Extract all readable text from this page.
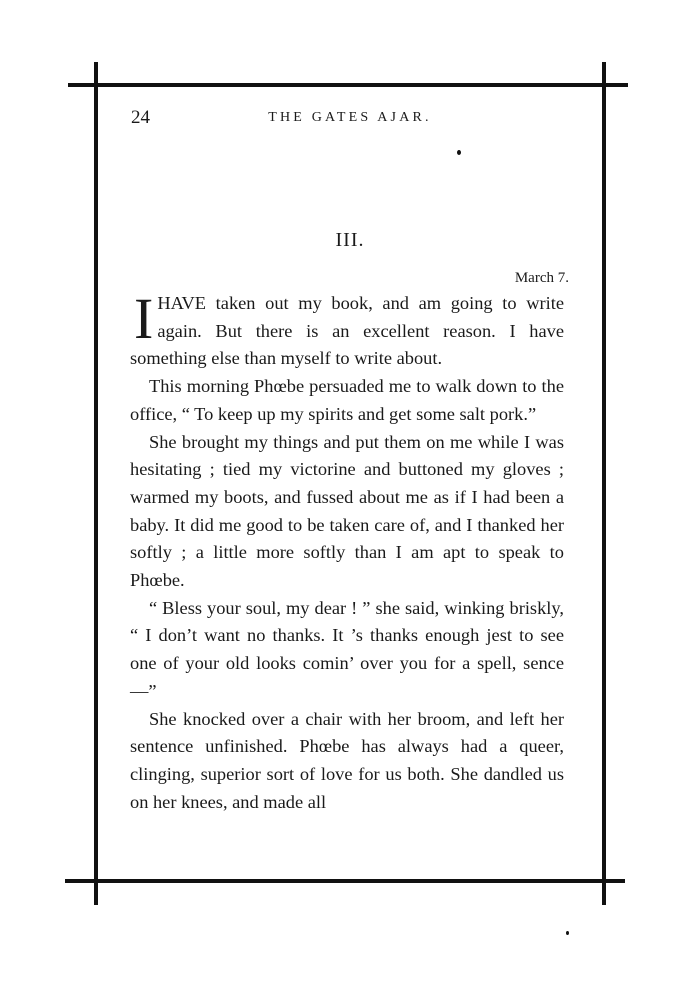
24	THE GATES AJAR.
III.
March 7.

I HAVE taken out my book, and am going to write again. But there is an excellent reason. I have something else than myself to write about.

This morning Phœbe persuaded me to walk down to the office, “ To keep up my spirits and get some salt pork.”

She brought my things and put them on me while I was hesitating ; tied my victorine and buttoned my gloves ; warmed my boots, and fussed about me as if I had been a baby. It did me good to be taken care of, and I thanked her softly ; a little more softly than I am apt to speak to Phœbe.

“ Bless your soul, my dear ! ” she said, winking briskly, “ I don’t want no thanks. It ’s thanks enough jest to see one of your old looks comin’ over you for a spell, sence —”

She knocked over a chair with her broom, and left her sentence unfinished. Phœbe has always had a queer, clinging, superior sort of love for us both. She dandled us on her knees, and made all
